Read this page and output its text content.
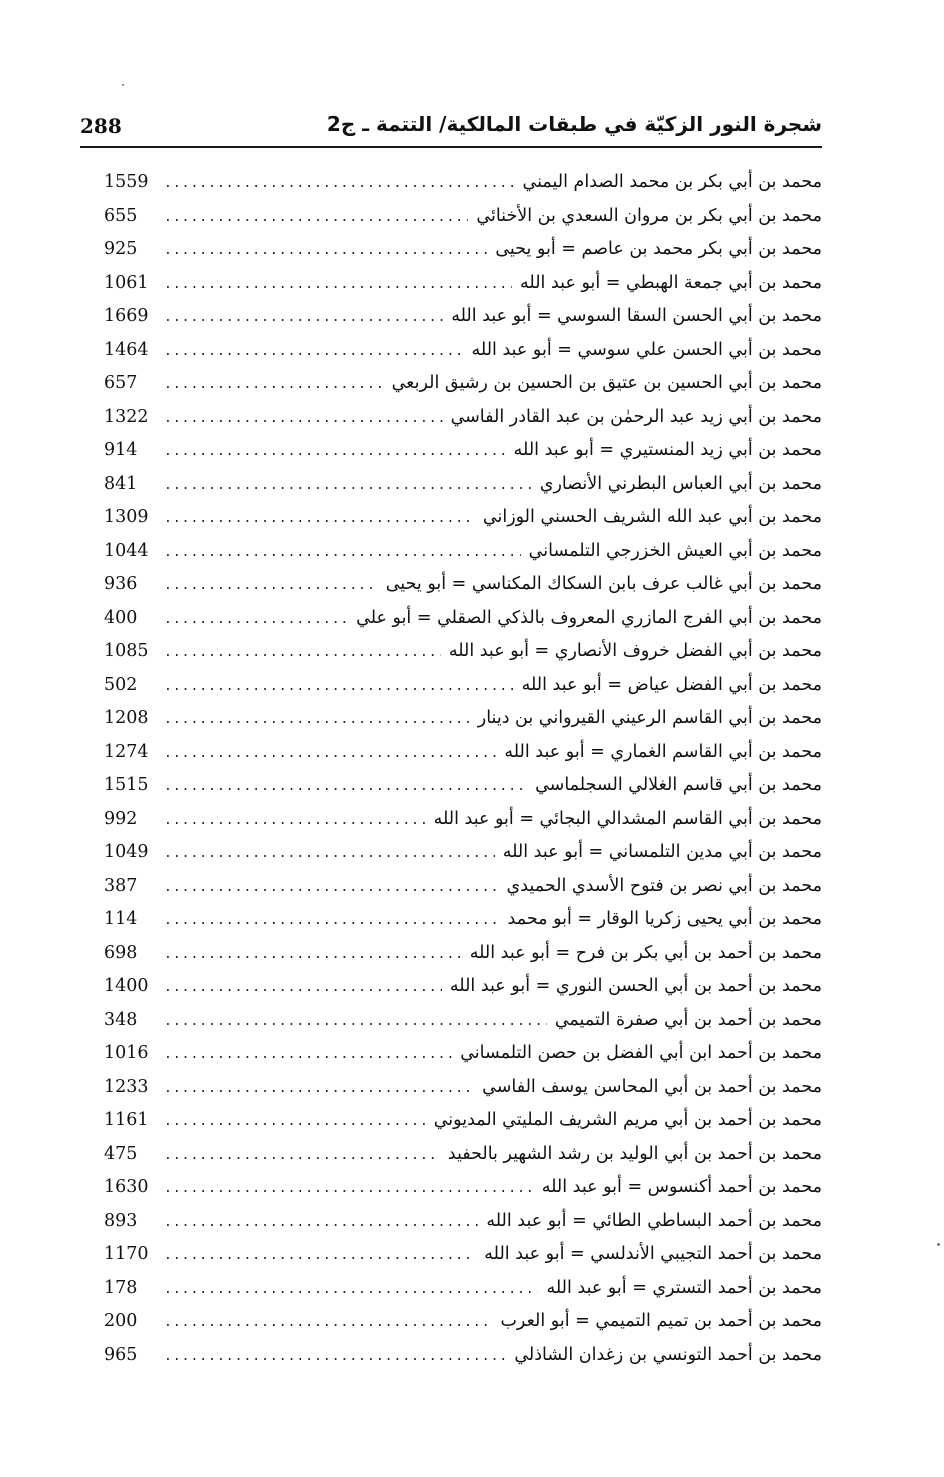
288	شجرة النور الزكيّة في طبقات المالكية/ التتمة ـ ج2
محمد بن أبي بكر بن محمد الصدام اليمني
.....
1559
محمد بن أبي بكر بن مروان السعدي بن الأخنائي
.....
655
محمد بن أبي بكر محمد بن عاصم = أبو يحيى
.....
925
محمد بن أبي جمعة الهبطي = أبو عبد الله
.....
1061
محمد بن أبي الحسن السقا السوسي = أبو عبد الله
.....
1669
محمد بن أبي الحسن علي سوسي = أبو عبد الله
.....
1464
محمد بن أبي الحسين بن عتيق بن الحسين بن رشيق الربعي
.....
657
محمد بن أبي زيد عبد الرحمٰن بن عبد القادر الفاسي
.....
1322
محمد بن أبي زيد المنستيري = أبو عبد الله
.....
914
محمد بن أبي العباس البطرني الأنصاري
.....
841
محمد بن أبي عبد الله الشريف الحسني الوزاني
.....
1309
محمد بن أبي العيش الخزرجي التلمساني
.....
1044
محمد بن أبي غالب عرف بابن السكاك المكناسي = أبو يحيى
.....
936
محمد بن أبي الفرج المازري المعروف بالذكي الصقلي = أبو علي
.....
400
محمد بن أبي الفضل خروف الأنصاري = أبو عبد الله
.....
1085
محمد بن أبي الفضل عياض = أبو عبد الله
.....
502
محمد بن أبي القاسم الرعيني القيرواني بن دينار
.....
1208
محمد بن أبي القاسم الغماري = أبو عبد الله
.....
1274
محمد بن أبي قاسم الغلالي السجلماسي
.....
1515
محمد بن أبي القاسم المشدالي البجائي = أبو عبد الله
.....
992
محمد بن أبي مدين التلمساني = أبو عبد الله
.....
1049
محمد بن أبي نصر بن فتوح الأسدي الحميدي
.....
387
محمد بن أبي يحيى زكريا الوقار = أبو محمد
.....
114
محمد بن أحمد بن أبي بكر بن فرح = أبو عبد الله
.....
698
محمد بن أحمد بن أبي الحسن النوري = أبو عبد الله
.....
1400
محمد بن أحمد بن أبي صفرة التميمي
.....
348
محمد بن أحمد ابن أبي الفضل بن حصن التلمساني
.....
1016
محمد بن أحمد بن أبي المحاسن يوسف الفاسي
.....
1233
محمد بن أحمد بن أبي مريم الشريف المليتي المديوني
.....
1161
محمد بن أحمد بن أبي الوليد بن رشد الشهير بالحفيد
.....
475
محمد بن أحمد أكنسوس = أبو عبد الله
.....
1630
محمد بن أحمد البساطي الطائي = أبو عبد الله
.....
893
محمد بن أحمد التجيبي الأندلسي = أبو عبد الله
.....
1170
محمد بن أحمد التستري = أبو عبد الله
.....
178
محمد بن أحمد بن تميم التميمي = أبو العرب
.....
200
محمد بن أحمد التونسي بن زغدان الشاذلي
.....
965
